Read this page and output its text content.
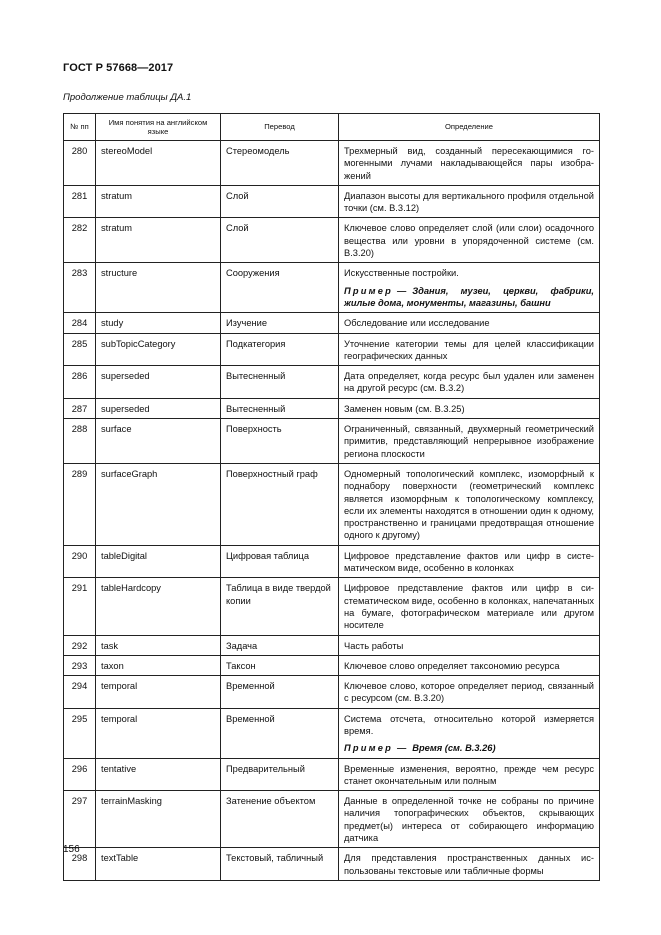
ГОСТ Р 57668—2017
Продолжение таблицы ДА.1
№ пп	Имя понятия на английском языке	Перевод	Определение
280	stereoModel	Стереомодель	Трехмерный вид, созданный пересекающимися гомогенными лучами накладывающейся пары изображений
281	stratum	Слой	Диапазон высоты для вертикального профиля отдельной точки (см. В.3.12)
282	stratum	Слой	Ключевое слово определяет слой (или слои) осадочного вещества или уровни в упорядоченной системе (см. В.3.20)
283	structure	Сооружения	Искусственные постройки.
Пример — Здания, музеи, церкви, фабрики, жилые дома, монументы, магазины, башни

284	study	Изучение	Обследование или исследование
285	subTopicCategory	Подкатегория	Уточнение категории темы для целей классификации географических данных
286	superseded	Вытесненный	Дата определяет, когда ресурс был удален или заменен на другой ресурс (см. В.3.2)
287	superseded	Вытесненный	Заменен новым (см. В.3.25)
288	surface	Поверхность	Ограниченный, связанный, двухмерный геометрический примитив, представляющий непрерывное изображение региона плоскости
289	surfaceGraph	Поверхностный граф	Одномерный топологический комплекс, изоморфный к поднабору поверхности (геометрический комплекс является изоморфным к топологическому комплексу, если их элементы находятся в отношении один к одному, пространственно и границами предотвращая отношение одного к другому)
290	tableDigital	Цифровая таблица	Цифровое представление фактов или цифр в систематическом виде, особенно в колонках
291	tableHardcopy	Таблица в виде твердой копии	Цифровое представление фактов или цифр в систематическом виде, особенно в колонках, напечатанных на бумаге, фотографическом материале или другом носителе
292	task	Задача	Часть работы
293	taxon	Таксон	Ключевое слово определяет таксономию ресурса
294	temporal	Временной	Ключевое слово, которое определяет период, связанный с ресурсом (см. В.3.20)
295	temporal	Временной	Система отсчета, относительно которой измеряется время.
Пример — Время (см. В.3.26)

296	tentative	Предварительный	Временные изменения, вероятно, прежде чем ресурс станет окончательным или полным
297	terrainMasking	Затенение объектом	Данные в определенной точке не собраны по причине наличия топографических объектов, скрывающих предмет(ы) интереса от собирающего информацию датчика
298	textTable	Текстовый, табличный	Для представления пространственных данных использованы текстовые или табличные формы
156
